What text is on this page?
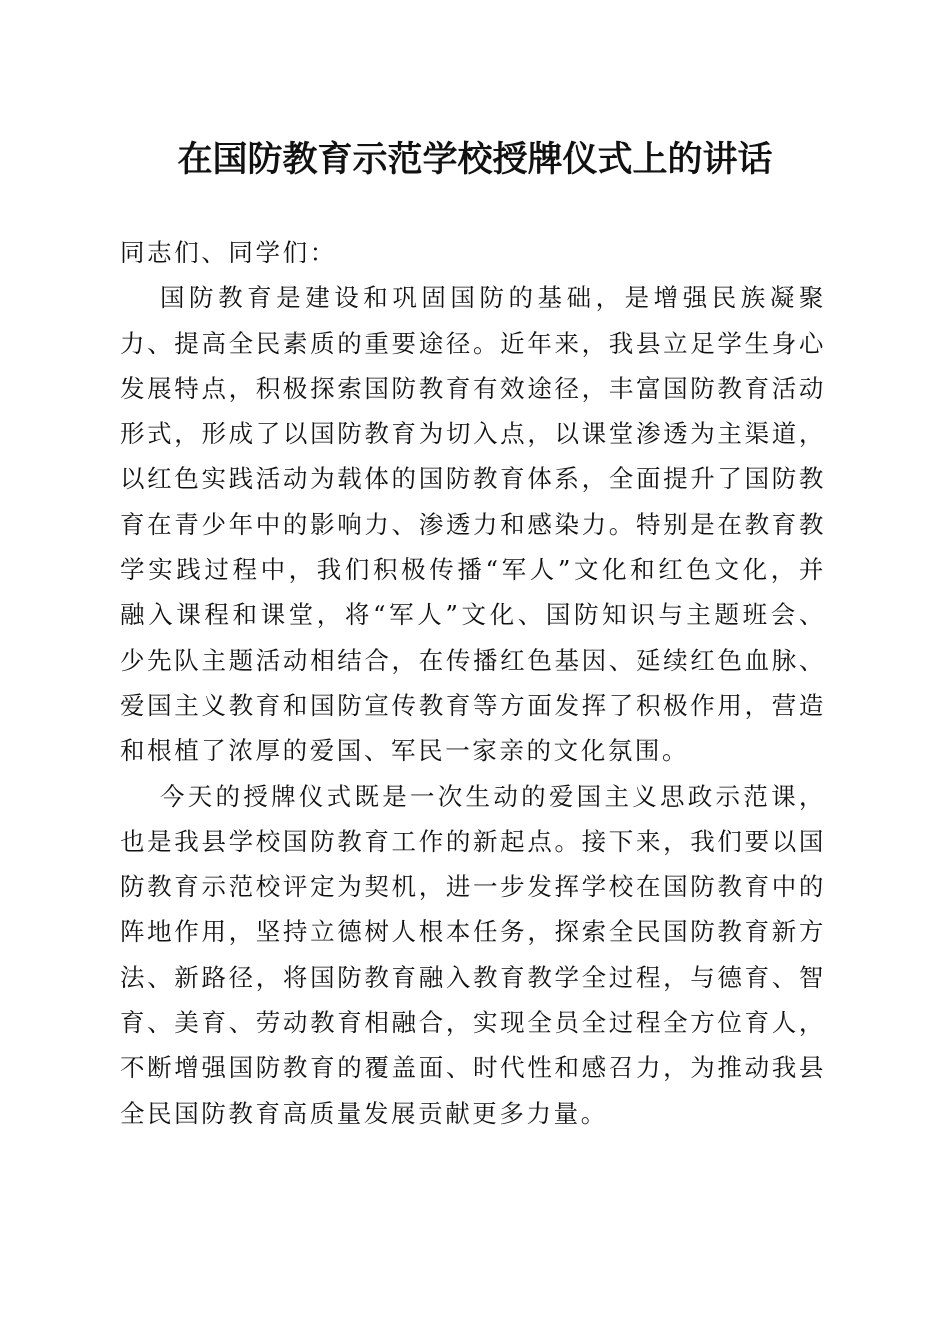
在国防教育示范学校授牌仪式上的讲话

同志们、同学们：

国防教育是建设和巩固国防的基础，是增强民族凝聚力、提高全民素质的重要途径。近年来，我县立足学生身心发展特点，积极探索国防教育有效途径，丰富国防教育活动形式，形成了以国防教育为切入点，以课堂渗透为主渠道，以红色实践活动为载体的国防教育体系，全面提升了国防教育在青少年中的影响力、渗透力和感染力。特别是在教育教学实践过程中，我们积极传播“军人”文化和红色文化，并融入课程和课堂，将“军人”文化、国防知识与主题班会、少先队主题活动相结合，在传播红色基因、延续红色血脉、爱国主义教育和国防宣传教育等方面发挥了积极作用，营造和根植了浓厚的爱国、军民一家亲的文化氛围。

今天的授牌仪式既是一次生动的爱国主义思政示范课，也是我县学校国防教育工作的新起点。接下来，我们要以国防教育示范校评定为契机，进一步发挥学校在国防教育中的阵地作用，坚持立德树人根本任务，探索全民国防教育新方法、新路径，将国防教育融入教育教学全过程，与德育、智育、美育、劳动教育相融合，实现全员全过程全方位育人，不断增强国防教育的覆盖面、时代性和感召力，为推动我县全民国防教育高质量发展贡献更多力量。
